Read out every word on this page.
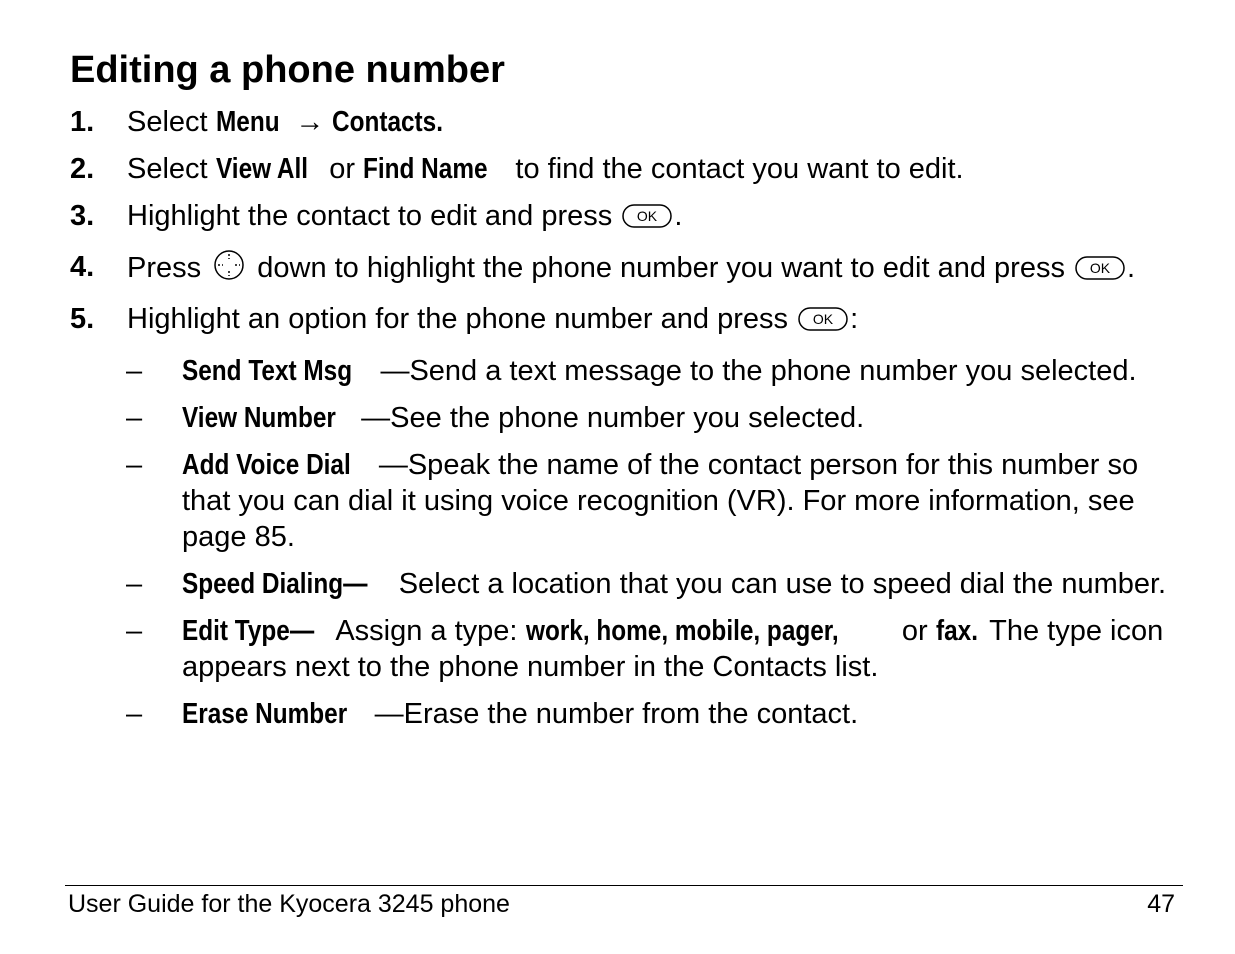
Editing a phone number
1. Select Menu → Contacts.
2. Select View All or Find Name to find the contact you want to edit.
3. Highlight the contact to edit and press OK .
4. Press  down to highlight the phone number you want to edit and press OK .
5. Highlight an option for the phone number and press OK :
– Send Text Msg —Send a text message to the phone number you selected.
– View Number —See the phone number you selected.
– Add Voice Dial —Speak the name of the contact person for this number so that you can dial it using voice recognition (VR). For more information, see page 85.
– Speed Dialing— Select a location that you can use to speed dial the number.
– Edit Type— Assign a type: work, home, mobile, pager, or fax. The type icon appears next to the phone number in the Contacts list.
– Erase Number —Erase the number from the contact.
User Guide for the Kyocera 3245 phone	47
